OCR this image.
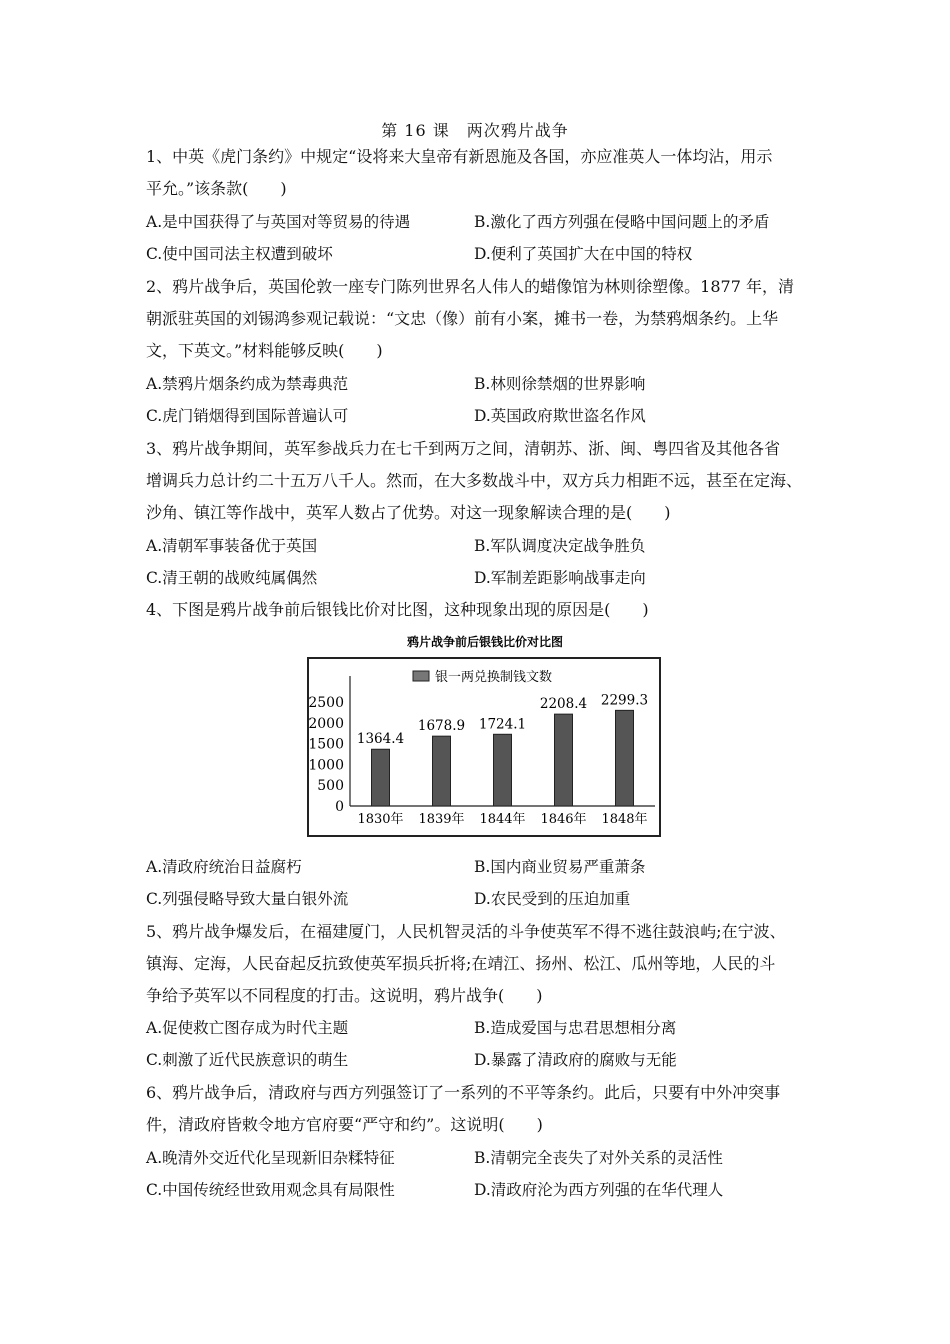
第 16 课　两次鸦片战争
1、中英《虎门条约》中规定“设将来大皇帝有新恩施及各国，亦应准英人一体均沾，用示
平允。”该条款(　　)
A.是中国获得了与英国对等贸易的待遇	B.激化了西方列强在侵略中国问题上的矛盾
C.使中国司法主权遭到破坏	D.便利了英国扩大在中国的特权
2、鸦片战争后，英国伦敦一座专门陈列世界名人伟人的蜡像馆为林则徐塑像。1877 年，清
朝派驻英国的刘锡鸿参观记载说：“文忠（像）前有小案，摊书一卷，为禁鸦烟条约。上华
文，下英文。”材料能够反映(　　)
A.禁鸦片烟条约成为禁毒典范	B.林则徐禁烟的世界影响
C.虎门销烟得到国际普遍认可	D.英国政府欺世盗名作风
3、鸦片战争期间，英军参战兵力在七千到两万之间，清朝苏、浙、闽、粤四省及其他各省
增调兵力总计约二十五万八千人。然而，在大多数战斗中，双方兵力相距不远，甚至在定海、
沙角、镇江等作战中，英军人数占了优势。对这一现象解读合理的是(　　)
A.清朝军事装备优于英国	B.军队调度决定战争胜负
C.清王朝的战败纯属偶然	D.军制差距影响战事走向
4、下图是鸦片战争前后银钱比价对比图，这种现象出现的原因是(　　)
鸦片战争前后银钱比价对比图
银一两兑换制钱文数
2500
2000
1500
1000
500
0
1364.4
1830年
1678.9
1839年
1724.1
1844年
2208.4
1846年
2299.3
1848年
A.清政府统治日益腐朽	B.国内商业贸易严重萧条
C.列强侵略导致大量白银外流	D.农民受到的压迫加重
5、鸦片战争爆发后，在福建厦门，人民机智灵活的斗争使英军不得不逃往鼓浪屿;在宁波、
镇海、定海，人民奋起反抗致使英军损兵折将;在靖江、扬州、松江、瓜州等地，人民的斗
争给予英军以不同程度的打击。这说明，鸦片战争(　　)
A.促使救亡图存成为时代主题	B.造成爱国与忠君思想相分离
C.刺激了近代民族意识的萌生	D.暴露了清政府的腐败与无能
6、鸦片战争后，清政府与西方列强签订了一系列的不平等条约。此后，只要有中外冲突事
件，清政府皆敕令地方官府要“严守和约”。这说明(　　)
A.晚清外交近代化呈现新旧杂糅特征	B.清朝完全丧失了对外关系的灵活性
C.中国传统经世致用观念具有局限性	D.清政府沦为西方列强的在华代理人
